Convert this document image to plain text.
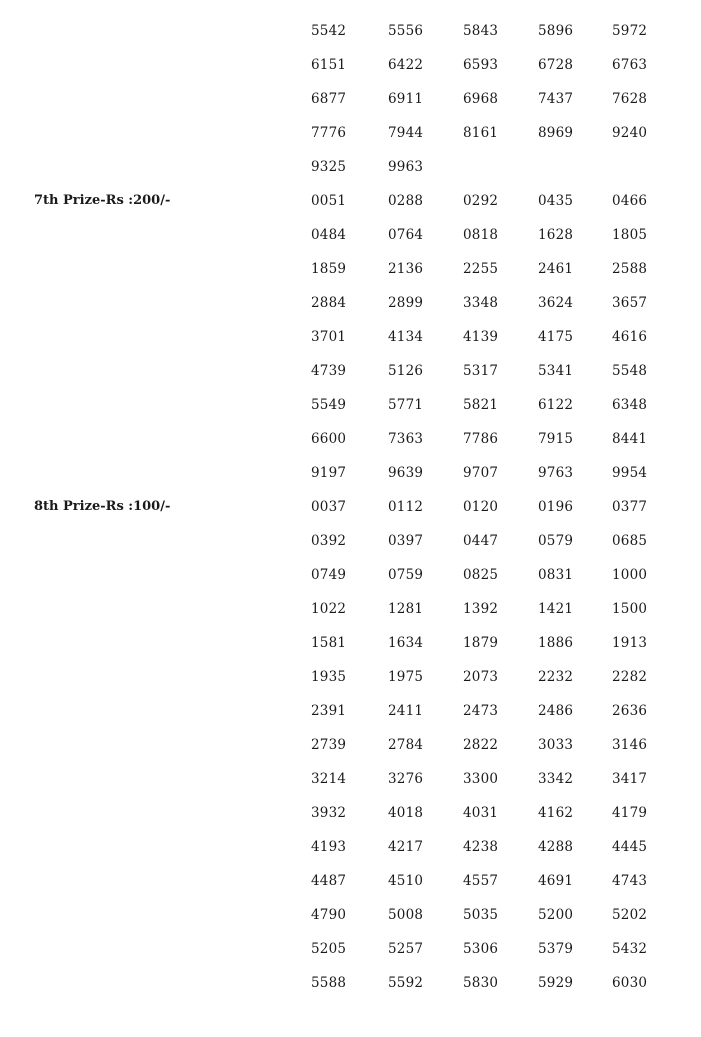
5542	5556	5843	5896	5972
6151	6422	6593	6728	6763
6877	6911	6968	7437	7628
7776	7944	8161	8969	9240
9325	9963
7th Prize-Rs :200/-	0051	0288	0292	0435	0466
0484	0764	0818	1628	1805
1859	2136	2255	2461	2588
2884	2899	3348	3624	3657
3701	4134	4139	4175	4616
4739	5126	5317	5341	5548
5549	5771	5821	6122	6348
6600	7363	7786	7915	8441
9197	9639	9707	9763	9954
8th Prize-Rs :100/-	0037	0112	0120	0196	0377
0392	0397	0447	0579	0685
0749	0759	0825	0831	1000
1022	1281	1392	1421	1500
1581	1634	1879	1886	1913
1935	1975	2073	2232	2282
2391	2411	2473	2486	2636
2739	2784	2822	3033	3146
3214	3276	3300	3342	3417
3932	4018	4031	4162	4179
4193	4217	4238	4288	4445
4487	4510	4557	4691	4743
4790	5008	5035	5200	5202
5205	5257	5306	5379	5432
5588	5592	5830	5929	6030
